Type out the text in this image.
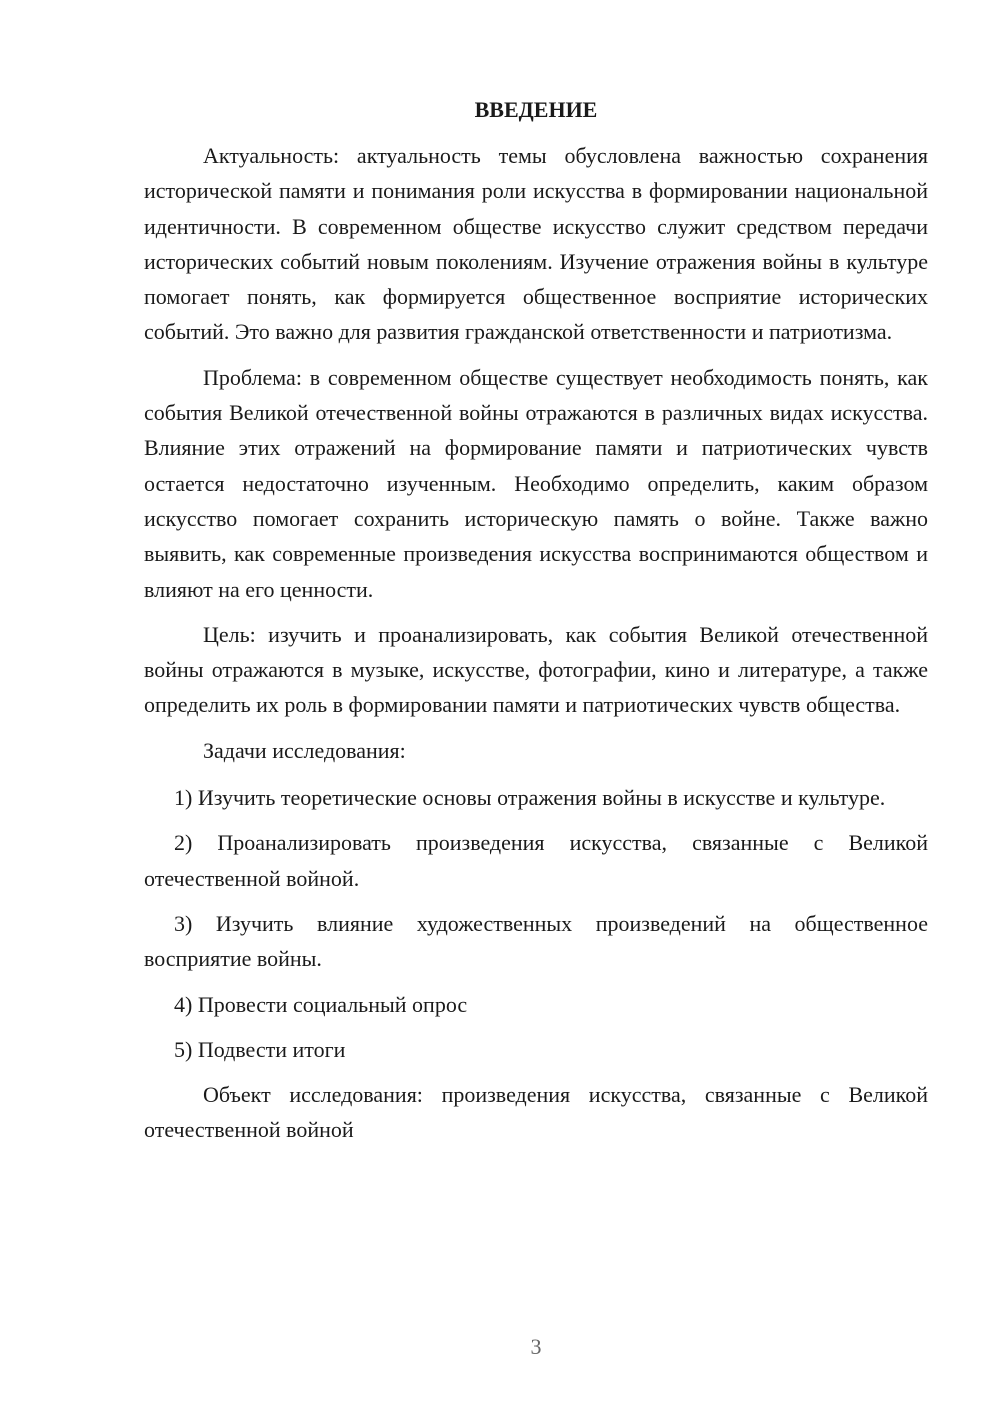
ВВЕДЕНИЕ

Актуальность: актуальность темы обусловлена важностью сохранения исторической памяти и понимания роли искусства в формировании национальной идентичности. В современном обществе искусство служит средством передачи исторических событий новым поколениям. Изучение отражения войны в культуре помогает понять, как формируется общественное восприятие исторических событий. Это важно для развития гражданской ответственности и патриотизма.

Проблема: в современном обществе существует необходимость понять, как события Великой отечественной войны отражаются в различных видах искусства. Влияние этих отражений на формирование памяти и патриотических чувств остается недостаточно изученным. Необходимо определить, каким образом искусство помогает сохранить историческую память о войне. Также важно выявить, как современные произведения искусства воспринимаются обществом и влияют на его ценности.

Цель: изучить и проанализировать, как события Великой отечественной войны отражаются в музыке, искусстве, фотографии, кино и литературе, а также определить их роль в формировании памяти и патриотических чувств общества.

Задачи исследования:

1) Изучить теоретические основы отражения войны в искусстве и культуре.

2) Проанализировать произведения искусства, связанные с Великой отечественной войной.

3) Изучить влияние художественных произведений на общественное восприятие войны.

4) Провести социальный опрос

5) Подвести итоги

Объект исследования: произведения искусства, связанные с Великой отечественной войной

3
